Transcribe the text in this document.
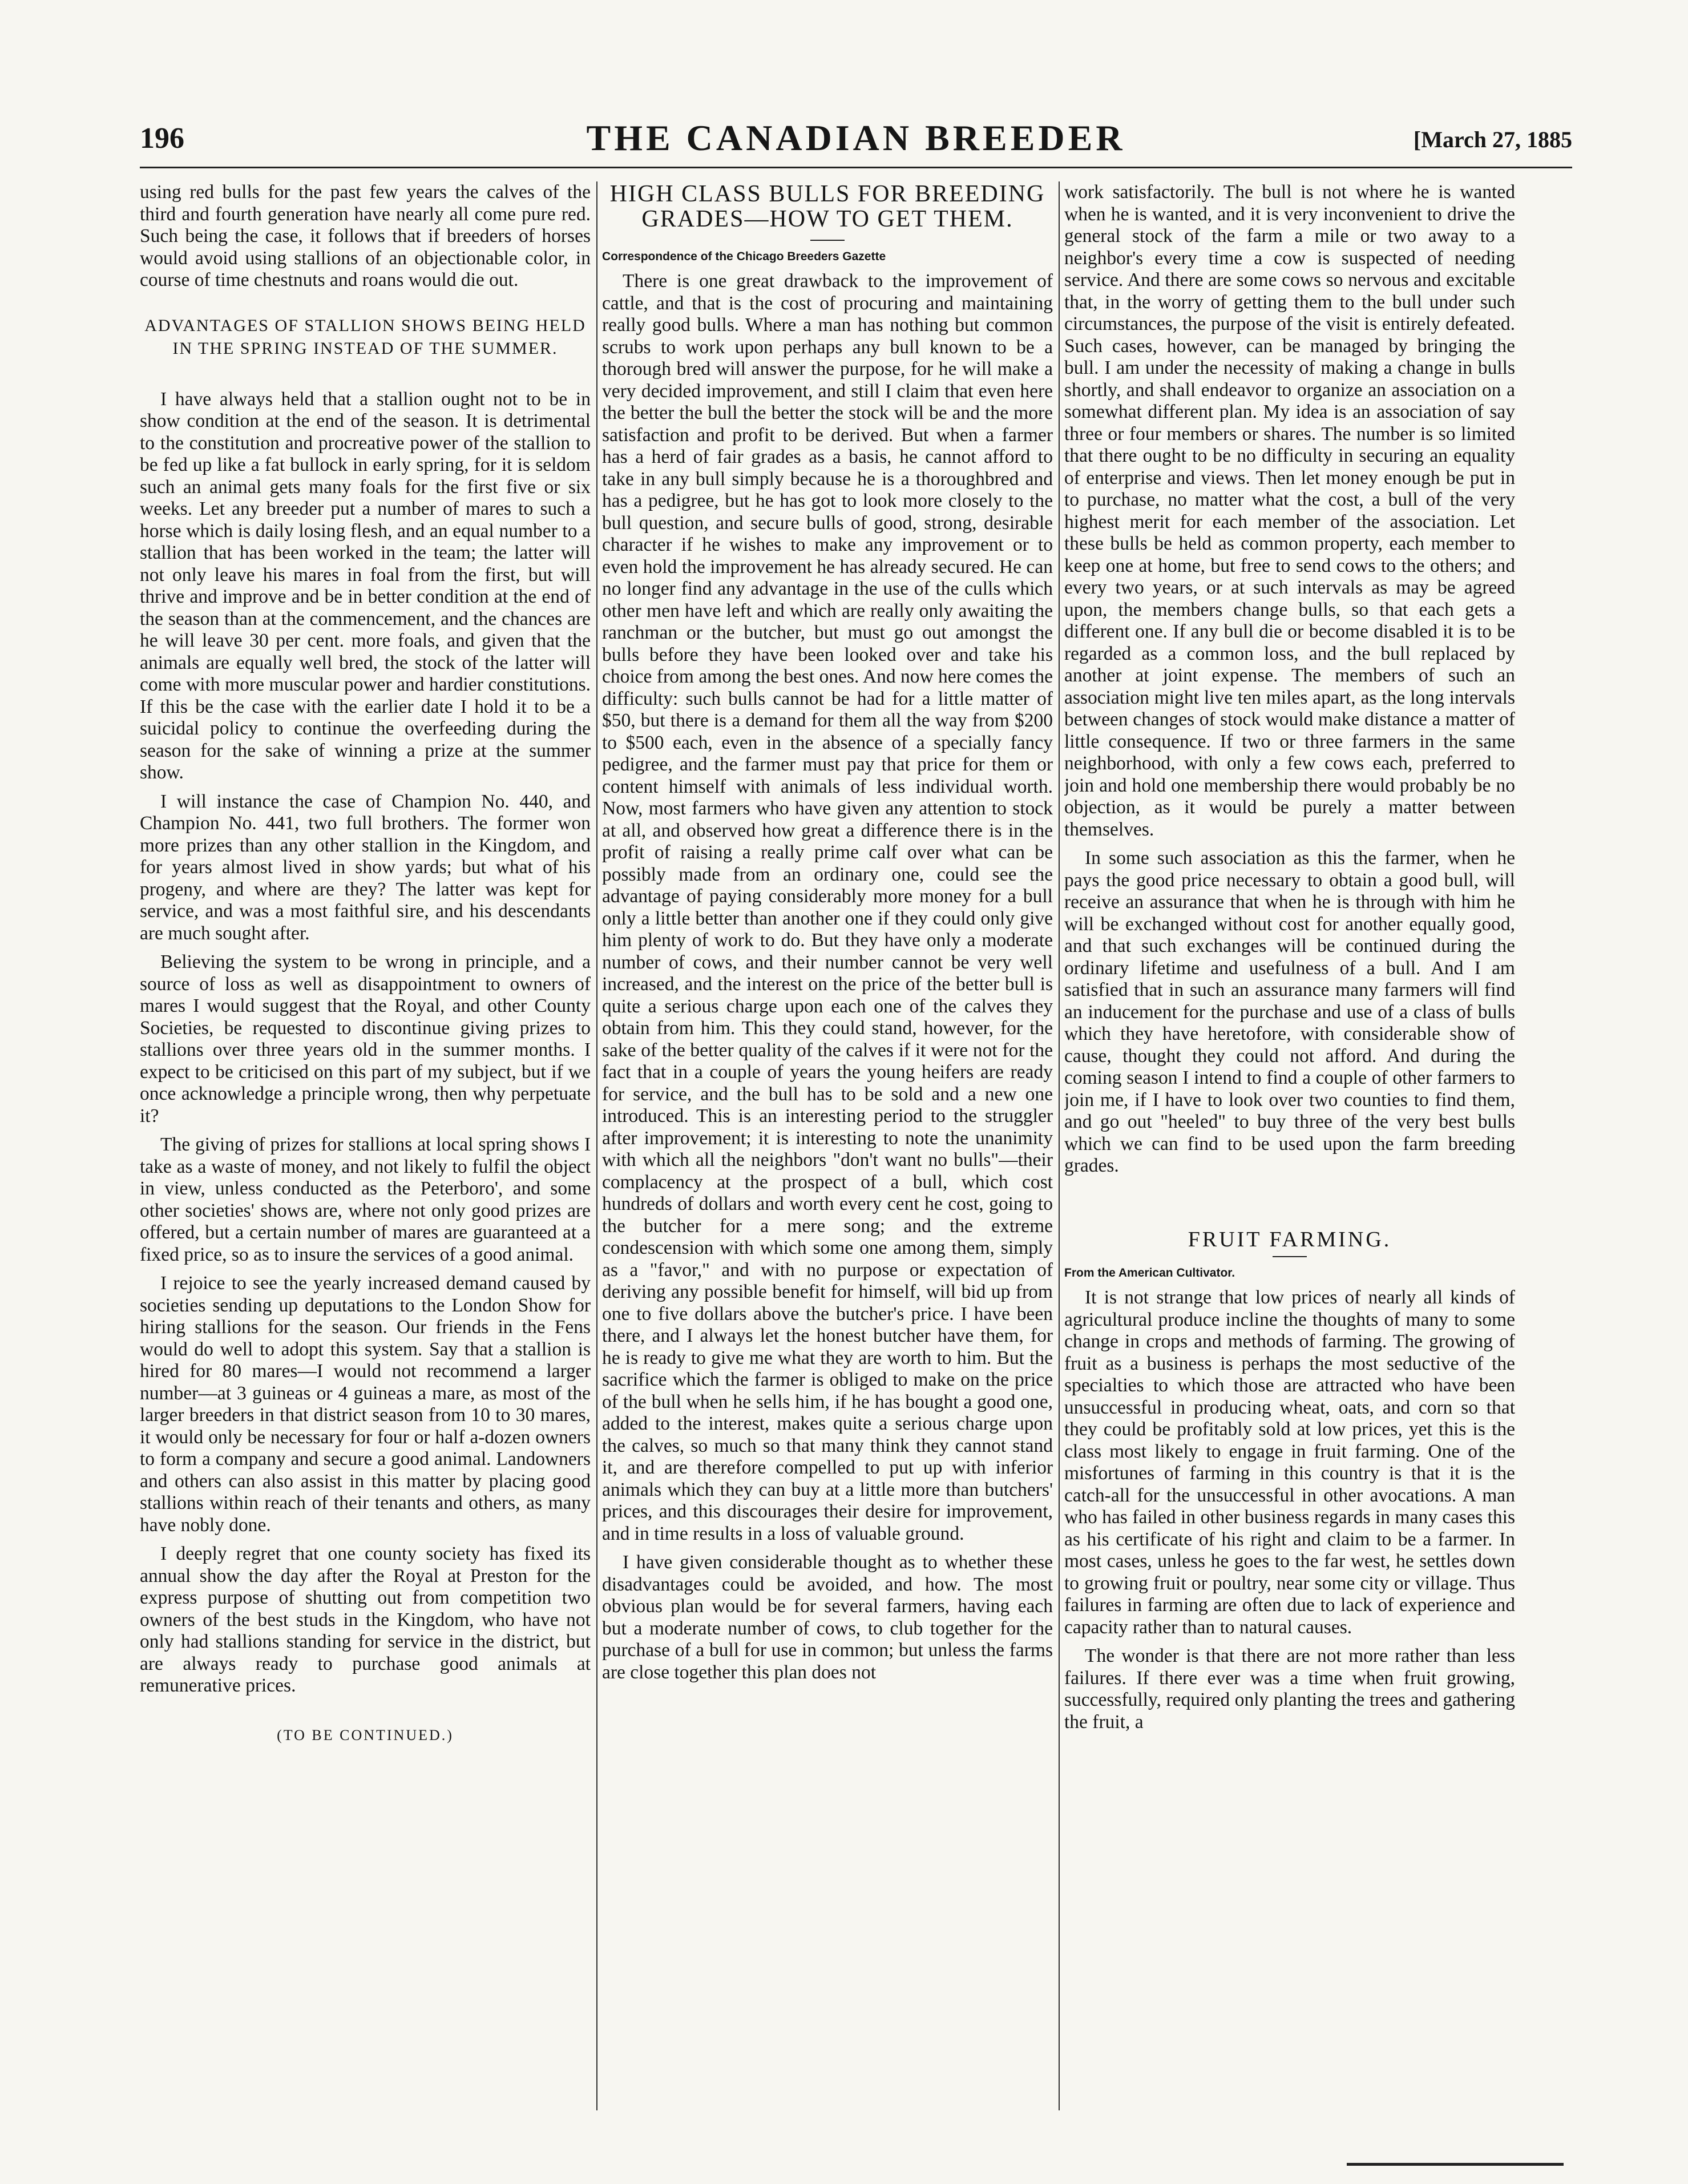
196	THE CANADIAN BREEDER	[March 27, 1885

using red bulls for the past few years the calves of the third and fourth generation have nearly all come pure red. Such being the case, it follows that if breeders of horses would avoid using stallions of an objectionable color, in course of time chestnuts and roans would die out.

ADVANTAGES OF STALLION SHOWS BEING HELD IN THE SPRING INSTEAD OF THE SUMMER.

I have always held that a stallion ought not to be in show condition at the end of the season. It is detrimental to the constitution and procreative power of the stallion to be fed up like a fat bullock in early spring, for it is seldom such an animal gets many foals for the first five or six weeks. Let any breeder put a number of mares to such a horse which is daily losing flesh, and an equal number to a stallion that has been worked in the team; the latter will not only leave his mares in foal from the first, but will thrive and improve and be in better condition at the end of the season than at the commencement, and the chances are he will leave 30 per cent. more foals, and given that the animals are equally well bred, the stock of the latter will come with more muscular power and hardier constitutions. If this be the case with the earlier date I hold it to be a suicidal policy to continue the overfeeding during the season for the sake of winning a prize at the summer show.

I will instance the case of Champion No. 440, and Champion No. 441, two full brothers. The former won more prizes than any other stallion in the Kingdom, and for years almost lived in show yards; but what of his progeny, and where are they? The latter was kept for service, and was a most faithful sire, and his descendants are much sought after.

Believing the system to be wrong in principle, and a source of loss as well as disappointment to owners of mares I would suggest that the Royal, and other County Societies, be requested to discontinue giving prizes to stallions over three years old in the summer months. I expect to be criticised on this part of my subject, but if we once acknowledge a principle wrong, then why perpetuate it?

The giving of prizes for stallions at local spring shows I take as a waste of money, and not likely to fulfil the object in view, unless conducted as the Peterboro', and some other societies' shows are, where not only good prizes are offered, but a certain number of mares are guaranteed at a fixed price, so as to insure the services of a good animal.

I rejoice to see the yearly increased demand caused by societies sending up deputations to the London Show for hiring stallions for the season. Our friends in the Fens would do well to adopt this system. Say that a stallion is hired for 80 mares—I would not recommend a larger number—at 3 guineas or 4 guineas a mare, as most of the larger breeders in that district season from 10 to 30 mares, it would only be necessary for four or half a-dozen owners to form a company and secure a good animal. Landowners and others can also assist in this matter by placing good stallions within reach of their tenants and others, as many have nobly done.

I deeply regret that one county society has fixed its annual show the day after the Royal at Preston for the express purpose of shutting out from competition two owners of the best studs in the Kingdom, who have not only had stallions standing for service in the district, but are always ready to purchase good animals at remunerative prices.

(TO BE CONTINUED.)
HIGH CLASS BULLS FOR BREEDING GRADES—HOW TO GET THEM.
Correspondence of the Chicago Breeders Gazette

There is one great drawback to the improvement of cattle, and that is the cost of procuring and maintaining really good bulls. Where a man has nothing but common scrubs to work upon perhaps any bull known to be a thorough bred will answer the purpose, for he will make a very decided improvement, and still I claim that even here the better the bull the better the stock will be and the more satisfaction and profit to be derived. But when a farmer has a herd of fair grades as a basis, he cannot afford to take in any bull simply because he is a thoroughbred and has a pedigree, but he has got to look more closely to the bull question, and secure bulls of good, strong, desirable character if he wishes to make any improvement or to even hold the improvement he has already secured. He can no longer find any advantage in the use of the culls which other men have left and which are really only awaiting the ranchman or the butcher, but must go out amongst the bulls before they have been looked over and take his choice from among the best ones. And now here comes the difficulty: such bulls cannot be had for a little matter of $50, but there is a demand for them all the way from $200 to $500 each, even in the absence of a specially fancy pedigree, and the farmer must pay that price for them or content himself with animals of less individual worth. Now, most farmers who have given any attention to stock at all, and observed how great a difference there is in the profit of raising a really prime calf over what can be possibly made from an ordinary one, could see the advantage of paying considerably more money for a bull only a little better than another one if they could only give him plenty of work to do. But they have only a moderate number of cows, and their number cannot be very well increased, and the interest on the price of the better bull is quite a serious charge upon each one of the calves they obtain from him. This they could stand, however, for the sake of the better quality of the calves if it were not for the fact that in a couple of years the young heifers are ready for service, and the bull has to be sold and a new one introduced. This is an interesting period to the struggler after improvement; it is interesting to note the unanimity with which all the neighbors "don't want no bulls"—their complacency at the prospect of a bull, which cost hundreds of dollars and worth every cent he cost, going to the butcher for a mere song; and the extreme condescension with which some one among them, simply as a "favor," and with no purpose or expectation of deriving any possible benefit for himself, will bid up from one to five dollars above the butcher's price. I have been there, and I always let the honest butcher have them, for he is ready to give me what they are worth to him. But the sacrifice which the farmer is obliged to make on the price of the bull when he sells him, if he has bought a good one, added to the interest, makes quite a serious charge upon the calves, so much so that many think they cannot stand it, and are therefore compelled to put up with inferior animals which they can buy at a little more than butchers' prices, and this discourages their desire for improvement, and in time results in a loss of valuable ground.

I have given considerable thought as to whether these disadvantages could be avoided, and how. The most obvious plan would be for several farmers, having each but a moderate number of cows, to club together for the purchase of a bull for use in common; but unless the farms are close together this plan does not

work satisfactorily. The bull is not where he is wanted when he is wanted, and it is very inconvenient to drive the general stock of the farm a mile or two away to a neighbor's every time a cow is suspected of needing service. And there are some cows so nervous and excitable that, in the worry of getting them to the bull under such circumstances, the purpose of the visit is entirely defeated. Such cases, however, can be managed by bringing the bull. I am under the necessity of making a change in bulls shortly, and shall endeavor to organize an association on a somewhat different plan. My idea is an association of say three or four members or shares. The number is so limited that there ought to be no difficulty in securing an equality of enterprise and views. Then let money enough be put in to purchase, no matter what the cost, a bull of the very highest merit for each member of the association. Let these bulls be held as common property, each member to keep one at home, but free to send cows to the others; and every two years, or at such intervals as may be agreed upon, the members change bulls, so that each gets a different one. If any bull die or become disabled it is to be regarded as a common loss, and the bull replaced by another at joint expense. The members of such an association might live ten miles apart, as the long intervals between changes of stock would make distance a matter of little consequence. If two or three farmers in the same neighborhood, with only a few cows each, preferred to join and hold one membership there would probably be no objection, as it would be purely a matter between themselves.

In some such association as this the farmer, when he pays the good price necessary to obtain a good bull, will receive an assurance that when he is through with him he will be exchanged without cost for another equally good, and that such exchanges will be continued during the ordinary lifetime and usefulness of a bull. And I am satisfied that in such an assurance many farmers will find an inducement for the purchase and use of a class of bulls which they have heretofore, with considerable show of cause, thought they could not afford. And during the coming season I intend to find a couple of other farmers to join me, if I have to look over two counties to find them, and go out "heeled" to buy three of the very best bulls which we can find to be used upon the farm breeding grades.

FRUIT FARMING.
From the American Cultivator.

It is not strange that low prices of nearly all kinds of agricultural produce incline the thoughts of many to some change in crops and methods of farming. The growing of fruit as a business is perhaps the most seductive of the specialties to which those are attracted who have been unsuccessful in producing wheat, oats, and corn so that they could be profitably sold at low prices, yet this is the class most likely to engage in fruit farming. One of the misfortunes of farming in this country is that it is the catch-all for the unsuccessful in other avocations. A man who has failed in other business regards in many cases this as his certificate of his right and claim to be a farmer. In most cases, unless he goes to the far west, he settles down to growing fruit or poultry, near some city or village. Thus failures in farming are often due to lack of experience and capacity rather than to natural causes.

The wonder is that there are not more rather than less failures. If there ever was a time when fruit growing, successfully, required only planting the trees and gathering the fruit, a
